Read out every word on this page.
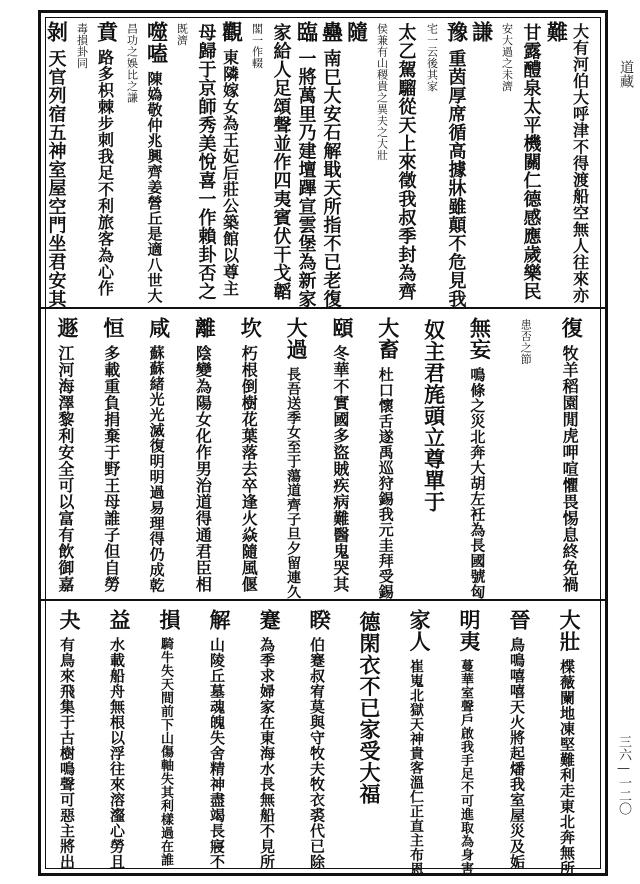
大有河伯大呼津不得渡船空無人往來亦
難
甘露醴泉太平機關仁德感應歲樂民
安大過之未濟
謙
豫
重茵厚席循高據牀雖顛不危見我
宅一云後其家
太乙駕騮從天上來徵我叔季封為齊
侯兼有山稷貴之異夫之大壯
隨
蠱
南巳大安石解戢天所指不已老復
臨
一將萬里乃建壇蹕宣雲堡為新家
家給人足頌聲並作四夷賓伏干戈韜
閣一作輟
觀
東隣嫁女為王妃后莊公築館以尊主
母歸于京師秀美悅喜一作賴卦否之
既濟
噬嗑
陳媯敬仲兆興齊姜營丘是適八世大
昌功之娛比之謙
賁
路多枳棘步刺我足不利旅客為心作
毒損卦同
剝
天官列宿五神室屋空門坐君安其
復
牧羊稻園閒虎呷喧懼畏惕息終免禍
患否之節
無妄
鳴條之災北奔大胡左衽為長國號匈
奴主君旄頭立尊單于
大畜
杜口懷舌遂禹巡狩錫我元圭拜受錫
頤
冬華不實國多盜賊疾病難醫鬼哭其
大過
長吾送季女至于蕩道齊子旦夕留連久
坎
朽根倒樹花葉落去卒逢火焱隨風偃
離
陰變為陽女化作男治道得通君臣相
咸
蘇蘇緒光光滅復明明過易理得仍成乾
恒
多載重負捐棄于野王母誰子但自勞
遯
江河海澤黎利安全可以富有飲御嘉
大壯
楪薇闌地凍堅難利走東北奔無所
晉
鳥鳴嘻嘻天火將起燔我室屋災及姤
明夷
蔓華室聲戶啟我手足不可進取為身害
家人
崔嵬北獄天神貴客溫仁正直主布恩
德閑衣不已家受大福
睽
伯蹇叔宥莫與守牧夫牧衣裘代已除
蹇
為季求婦家在東海水長無船不見所
解
山陵丘墓魂魄失舍精神盡竭長寢不
損
騎牛失天間前下山傷軸失其利樣過在誰
益
水載船舟無根以浮往來溶瀣心勞且
夬
有鳥來飛集于古樹鳴聲可惡主將出
道藏
三六—一二〇
